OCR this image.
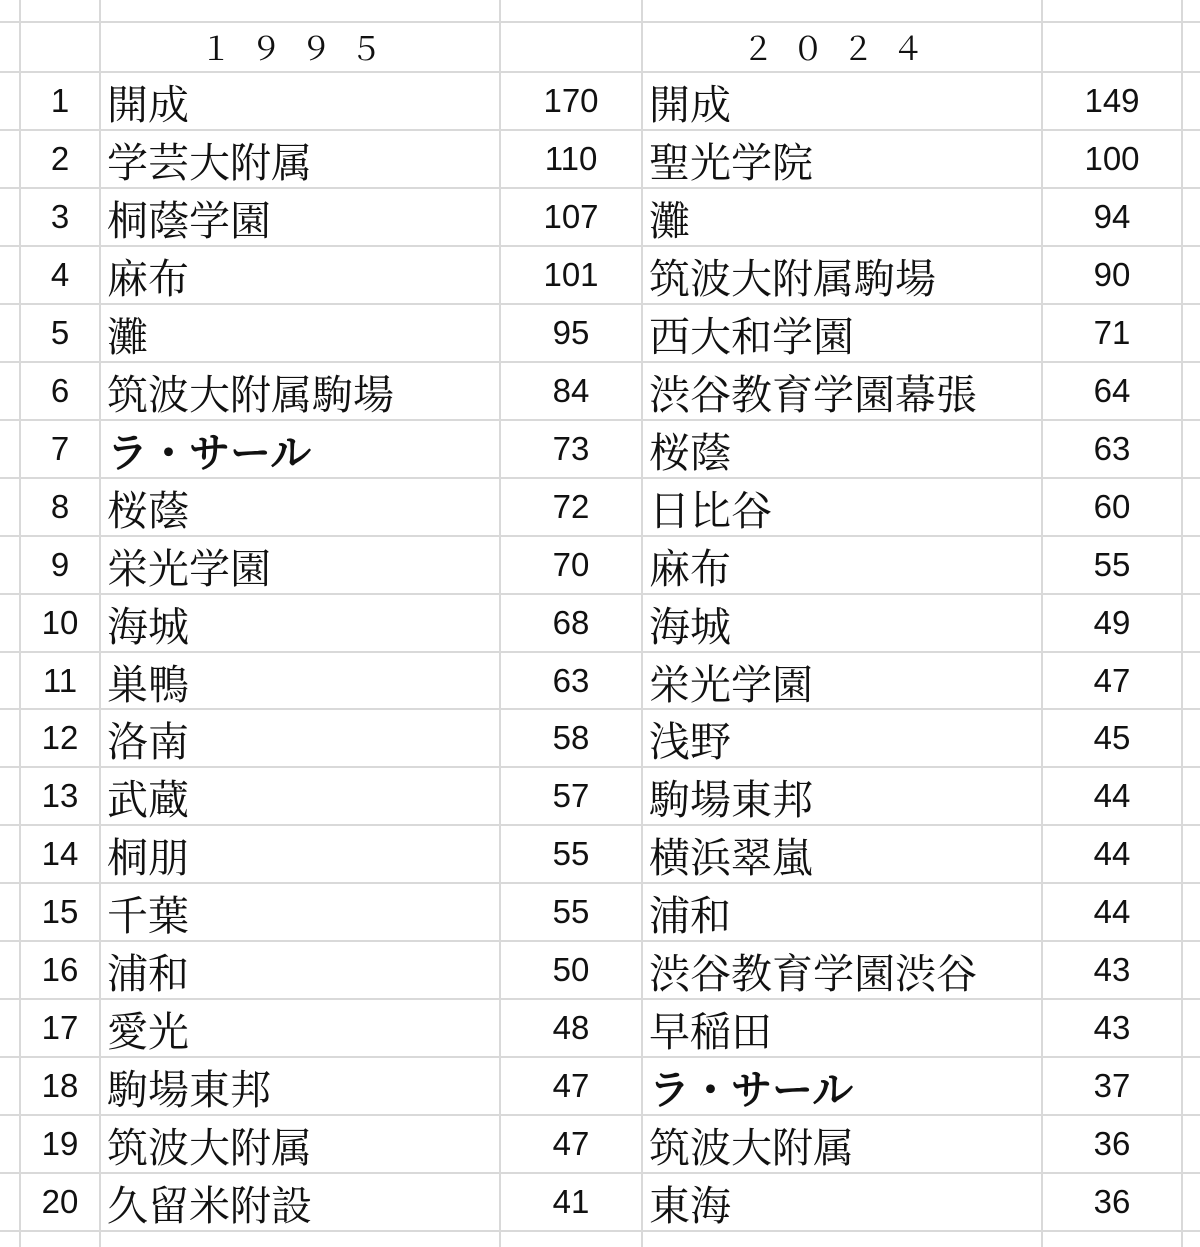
１９９５	２０２４
1 開成	170	開成	149
2 学芸大附属	110	聖光学院	100
3 桐蔭学園	107	灘	94
4 麻布	101	筑波大附属駒場	90
5 灘	95	西大和学園	71
6 筑波大附属駒場	84	渋谷教育学園幕張	64
7 ラ・サール	73	桜蔭	63
8 桜蔭	72	日比谷	60
9 栄光学園	70	麻布	55
10 海城	68	海城	49
11 巣鴨	63	栄光学園	47
12 洛南	58	浅野	45
13 武蔵	57	駒場東邦	44
14 桐朋	55	横浜翠嵐	44
15 千葉	55	浦和	44
16 浦和	50	渋谷教育学園渋谷	43
17 愛光	48	早稲田	43
18 駒場東邦	47	ラ・サール	37
19 筑波大附属	47	筑波大附属	36
20 久留米附設	41	東海	36
